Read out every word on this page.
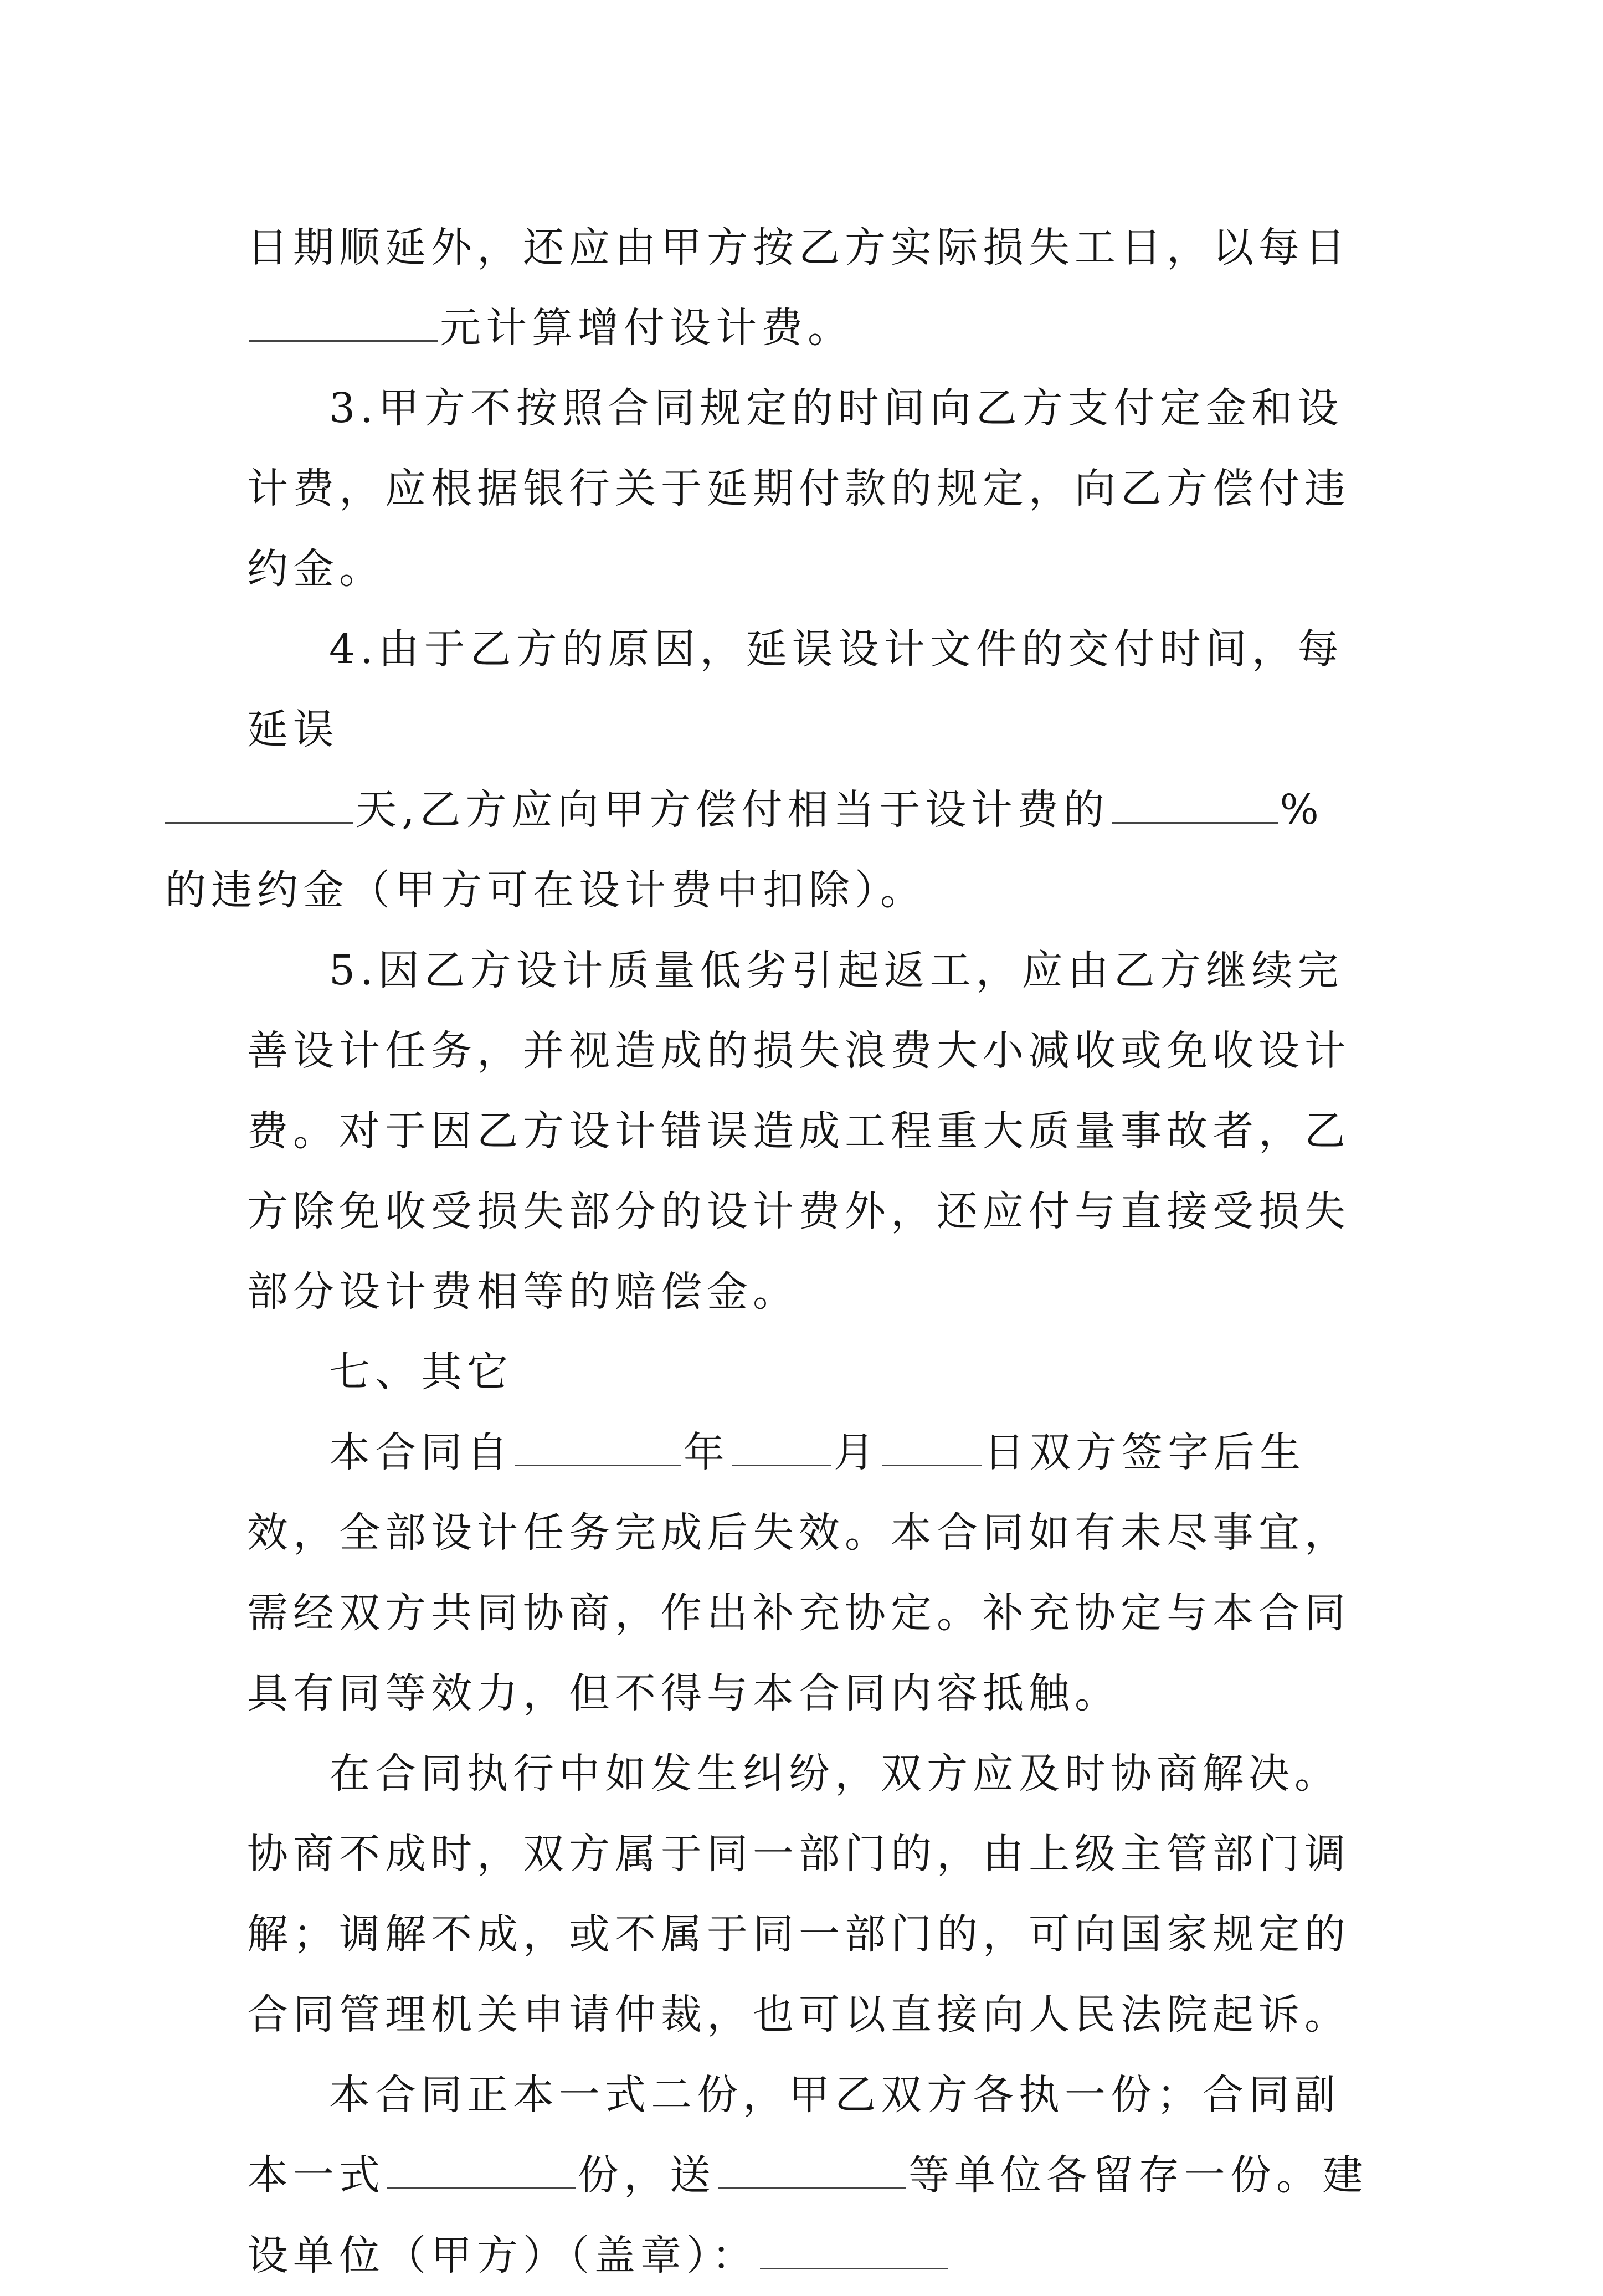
日期顺延外，还应由甲方按乙方实际损失工日，以每日
元计算增付设计费。

3.甲方不按照合同规定的时间向乙方支付定金和设计费，应根据银行关于延期付款的规定，向乙方偿付违约金。

4.由于乙方的原因，延误设计文件的交付时间，每延误
天,乙方应向甲方偿付相当于设计费的	%
的违约金（甲方可在设计费中扣除）。

5.因乙方设计质量低劣引起返工，应由乙方继续完善设计任务，并视造成的损失浪费大小减收或免收设计费。对于因乙方设计错误造成工程重大质量事故者，乙方除免收受损失部分的设计费外，还应付与直接受损失部分设计费相等的赔偿金。

七、其它

本合同自	年	月	日双方签字后生效，全部设计任务完成后失效。本合同如有未尽事宜，需经双方共同协商，作出补充协定。补充协定与本合同具有同等效力，但不得与本合同内容抵触。

在合同执行中如发生纠纷，双方应及时协商解决。协商不成时，双方属于同一部门的，由上级主管部门调解；调解不成，或不属于同一部门的，可向国家规定的合同管理机关申请仲裁，也可以直接向人民法院起诉。

本合同正本一式二份，甲乙双方各执一份；合同副本一式	份，送	等单位各留存一份。建设单位（甲方）（盖章）：
